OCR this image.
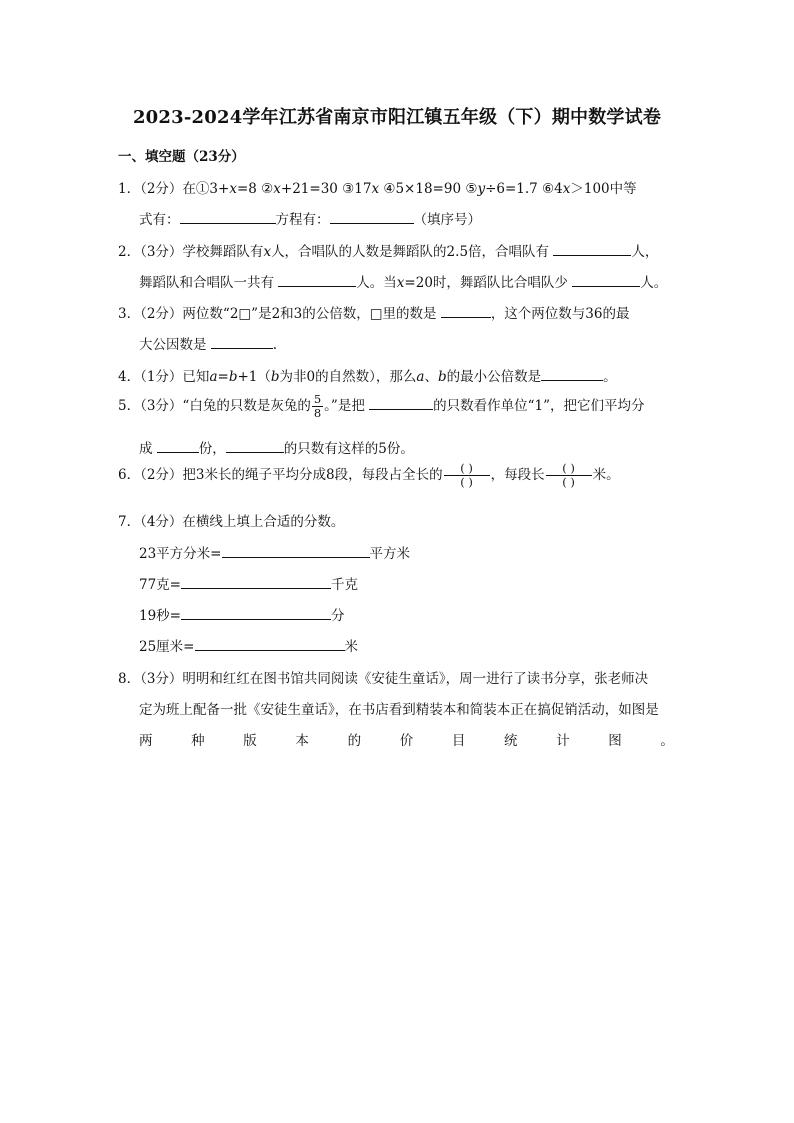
2023-2024学年江苏省南京市阳江镇五年级（下）期中数学试卷
一、填空题（23分）
1．（2分）在①3+x=8 ②x+21=30 ③17x ④5×18=90 ⑤y÷6=1.7 ⑥4x＞100中等
式有：	方程有：	（填序号）
2．（3分）学校舞蹈队有x人，合唱队的人数是舞蹈队的2.5倍，合唱队有	人，
舞蹈队和合唱队一共有	人。当x=20时，舞蹈队比合唱队少	人。
3．（2分）两位数“2□”是2和3的公倍数，□里的数是	，这个两位数与36的最
大公因数是	.
4．（1分）已知a=b+1（b为非0的自然数），那么a、b的最小公倍数是	。
5．（3分）“白兔的只数是灰兔的 $\frac{5}{8}$ 。”是把	的只数看作单位“1”，把它们平均分
成	份，	的只数有这样的5份。
6．（2分）把3米长的绳子平均分成8段，每段占全长的 $\frac{( )}{( )}$ ，每段长 $\frac{( )}{( )}$ 米。
7．（4分）在横线上填上合适的分数。
23平方分米=	平方米
77克=	千克
19秒=	分
25厘米=	米
8．（3分）明明和红红在图书馆共同阅读《安徒生童话》，周一进行了读书分享，张老师决
定为班上配备一批《安徒生童话》，在书店看到精装本和简装本正在搞促销活动，如图是
两	种	版	本	的	价	目	统	计	图	。
